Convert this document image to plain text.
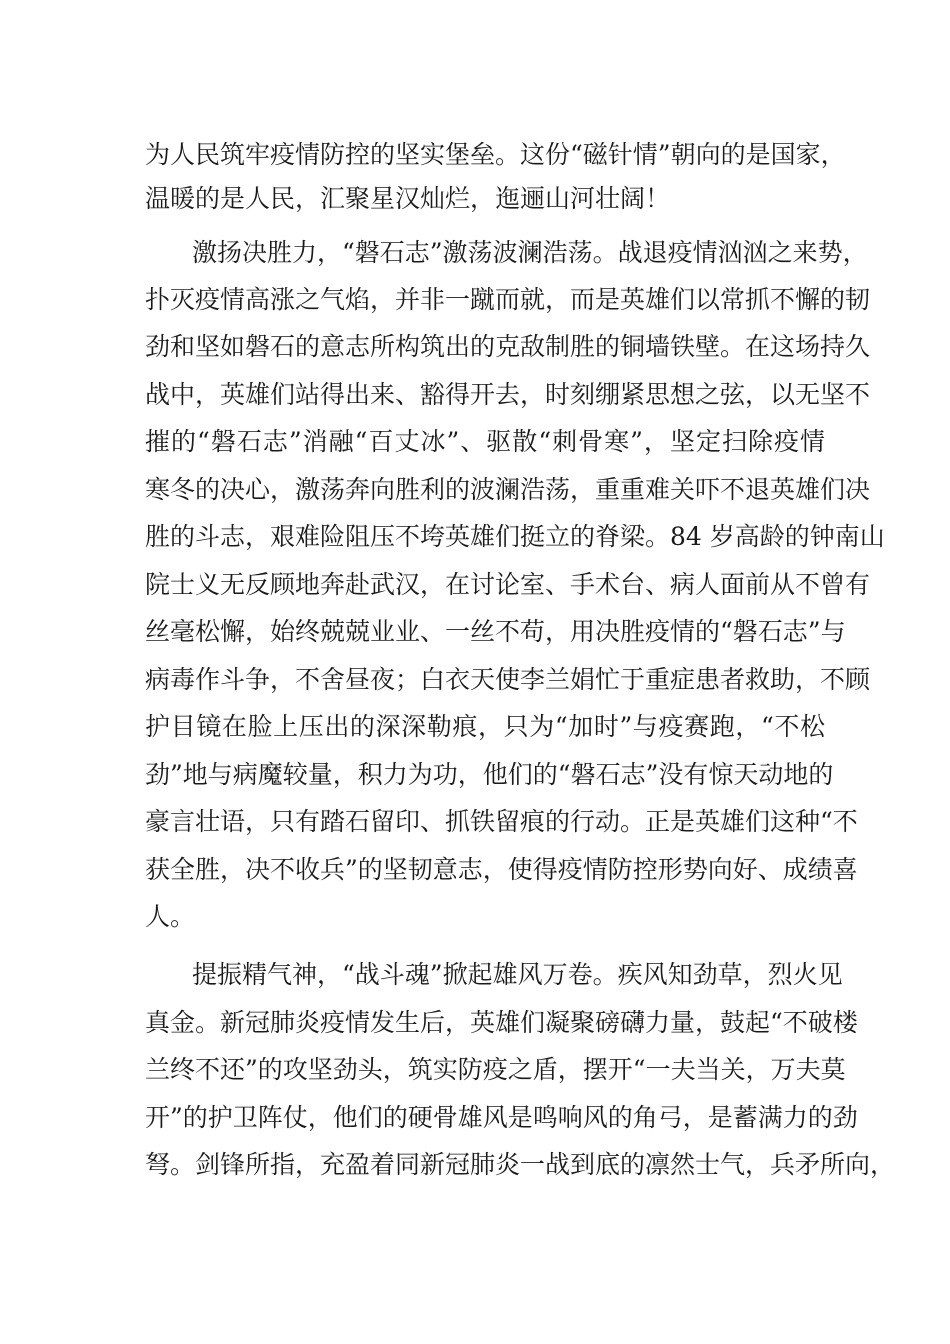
为人民筑牢疫情防控的坚实堡垒。这份“磁针情”朝向的是国家，
温暖的是人民，汇聚星汉灿烂，迤逦山河壮阔！
激扬决胜力，“磐石志”激荡波澜浩荡。战退疫情汹汹之来势，
扑灭疫情高涨之气焰，并非一蹴而就，而是英雄们以常抓不懈的韧
劲和坚如磐石的意志所构筑出的克敌制胜的铜墙铁壁。在这场持久
战中，英雄们站得出来、豁得开去，时刻绷紧思想之弦，以无坚不
摧的“磐石志”消融“百丈冰”、驱散“刺骨寒”，坚定扫除疫情
寒冬的决心，激荡奔向胜利的波澜浩荡，重重难关吓不退英雄们决
胜的斗志，艰难险阻压不垮英雄们挺立的脊梁。84 岁高龄的钟南山
院士义无反顾地奔赴武汉，在讨论室、手术台、病人面前从不曾有
丝毫松懈，始终兢兢业业、一丝不苟，用决胜疫情的“磐石志”与
病毒作斗争，不舍昼夜；白衣天使李兰娟忙于重症患者救助，不顾
护目镜在脸上压出的深深勒痕，只为“加时”与疫赛跑，“不松
劲”地与病魔较量，积力为功，他们的“磐石志”没有惊天动地的
豪言壮语，只有踏石留印、抓铁留痕的行动。正是英雄们这种“不
获全胜，决不收兵”的坚韧意志，使得疫情防控形势向好、成绩喜
人。
提振精气神，“战斗魂”掀起雄风万卷。疾风知劲草，烈火见
真金。新冠肺炎疫情发生后，英雄们凝聚磅礴力量，鼓起“不破楼
兰终不还”的攻坚劲头，筑实防疫之盾，摆开“一夫当关，万夫莫
开”的护卫阵仗，他们的硬骨雄风是鸣响风的角弓，是蓄满力的劲
弩。剑锋所指，充盈着同新冠肺炎一战到底的凛然士气，兵矛所向，
